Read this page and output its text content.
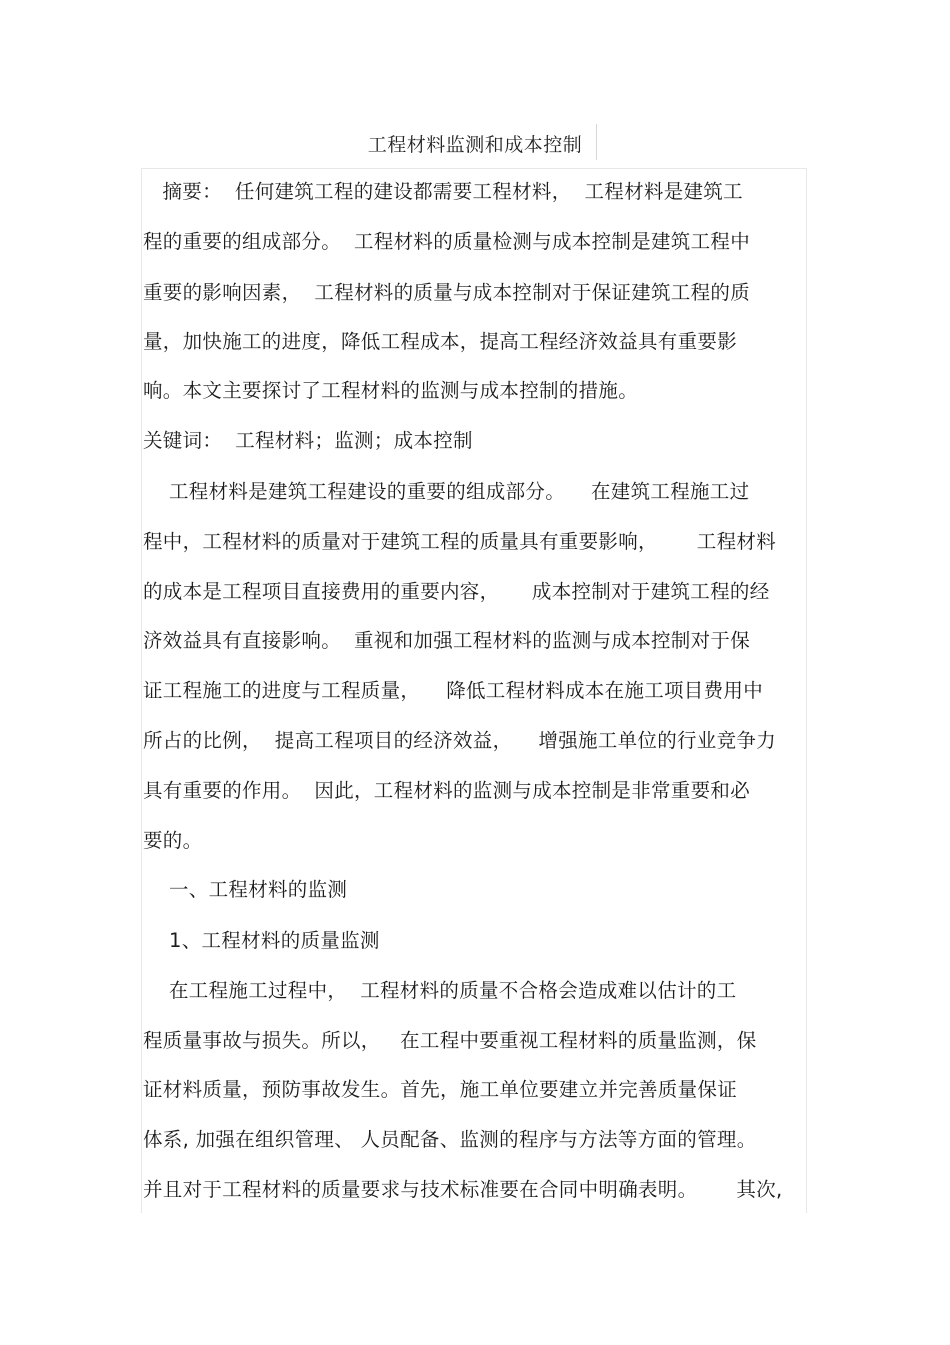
工程材料监测和成本控制
摘要：  任何建筑工程的建设都需要工程材料，  工程材料是建筑工
程的重要的组成部分。  工程材料的质量检测与成本控制是建筑工程中
重要的影响因素，  工程材料的质量与成本控制对于保证建筑工程的质
量，加快施工的进度，降低工程成本，提高工程经济效益具有重要影
响。本文主要探讨了工程材料的监测与成本控制的措施。
关键词：  工程材料；监测；成本控制
工程材料是建筑工程建设的重要的组成部分。    在建筑工程施工过
程中，工程材料的质量对于建筑工程的质量具有重要影响，      工程材料
的成本是工程项目直接费用的重要内容，     成本控制对于建筑工程的经
济效益具有直接影响。  重视和加强工程材料的监测与成本控制对于保
证工程施工的进度与工程质量，    降低工程材料成本在施工项目费用中
所占的比例，  提高工程项目的经济效益，    增强施工单位的行业竞争力
具有重要的作用。  因此，工程材料的监测与成本控制是非常重要和必
要的。
一、工程材料的监测
1、工程材料的质量监测
在工程施工过程中，  工程材料的质量不合格会造成难以估计的工
程质量事故与损失。所以，   在工程中要重视工程材料的质量监测，保
证材料质量，预防事故发生。首先，施工单位要建立并完善质量保证
体系, 加强在组织管理、 人员配备、监测的程序与方法等方面的管理。
并且对于工程材料的质量要求与技术标准要在合同中明确表明。      其次,
